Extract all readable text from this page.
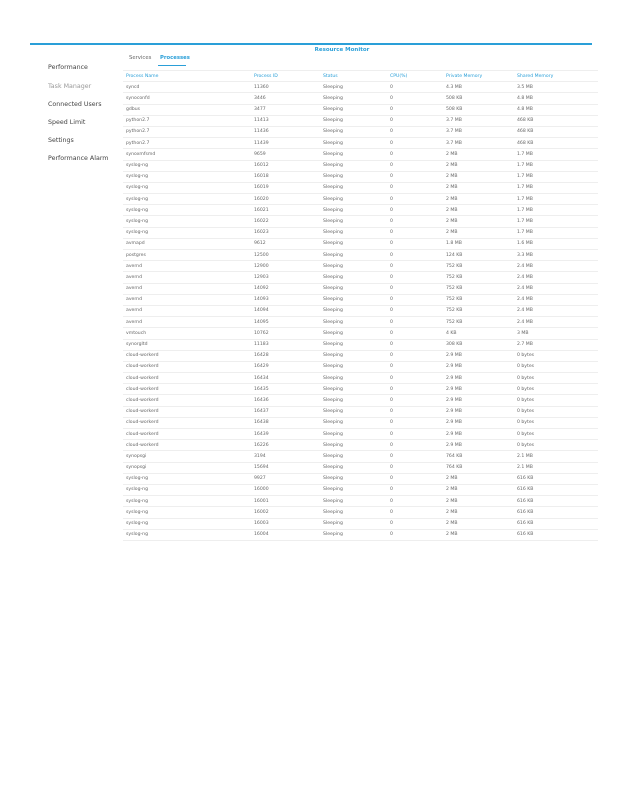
Resource Monitor
Performance
Task Manager
Connected Users
Speed Limit
Settings
Performance Alarm
Services Processes
Process Name	Process ID	Status	CPU(%)	Private Memory	Shared Memory
syncd	11360	Sleeping	0	4.3 MB	3.5 MB
synoconfd	3446	Sleeping	0	508 KB	4.8 MB
gdbus	3477	Sleeping	0	508 KB	4.8 MB
python2.7	11413	Sleeping	0	3.7 MB	468 KB
python2.7	11436	Sleeping	0	3.7 MB	468 KB
python2.7	11439	Sleeping	0	3.7 MB	468 KB
synoxmfsmd	9659	Sleeping	0	2 MB	1.7 MB
syslog-ng	16012	Sleeping	0	2 MB	1.7 MB
syslog-ng	16018	Sleeping	0	2 MB	1.7 MB
syslog-ng	16019	Sleeping	0	2 MB	1.7 MB
syslog-ng	16020	Sleeping	0	2 MB	1.7 MB
syslog-ng	16021	Sleeping	0	2 MB	1.7 MB
syslog-ng	16022	Sleeping	0	2 MB	1.7 MB
syslog-ng	16023	Sleeping	0	2 MB	1.7 MB
avmapd	9612	Sleeping	0	1.8 MB	1.6 MB
postgres	12500	Sleeping	0	124 KB	3.3 MB
avernd	12900	Sleeping	0	752 KB	2.4 MB
avernd	12903	Sleeping	0	752 KB	2.4 MB
avernd	14092	Sleeping	0	752 KB	2.4 MB
avernd	14093	Sleeping	0	752 KB	2.4 MB
avernd	14094	Sleeping	0	752 KB	2.4 MB
avernd	14095	Sleeping	0	752 KB	2.4 MB
vmtouch	10762	Sleeping	0	4 KB	3 MB
synorgltd	11183	Sleeping	0	308 KB	2.7 MB
cloud-workerd	16428	Sleeping	0	2.9 MB	0 bytes
cloud-workerd	16429	Sleeping	0	2.9 MB	0 bytes
cloud-workerd	16434	Sleeping	0	2.9 MB	0 bytes
cloud-workerd	16435	Sleeping	0	2.9 MB	0 bytes
cloud-workerd	16436	Sleeping	0	2.9 MB	0 bytes
cloud-workerd	16437	Sleeping	0	2.9 MB	0 bytes
cloud-workerd	16438	Sleeping	0	2.9 MB	0 bytes
cloud-workerd	16439	Sleeping	0	2.9 MB	0 bytes
cloud-workerd	16226	Sleeping	0	2.9 MB	0 bytes
synopsgi	3194	Sleeping	0	764 KB	2.1 MB
synopsgi	15694	Sleeping	0	764 KB	2.1 MB
syslog-ng	9927	Sleeping	0	2 MB	616 KB
syslog-ng	16000	Sleeping	0	2 MB	616 KB
syslog-ng	16001	Sleeping	0	2 MB	616 KB
syslog-ng	16002	Sleeping	0	2 MB	616 KB
syslog-ng	16003	Sleeping	0	2 MB	616 KB
syslog-ng	16004	Sleeping	0	2 MB	616 KB
